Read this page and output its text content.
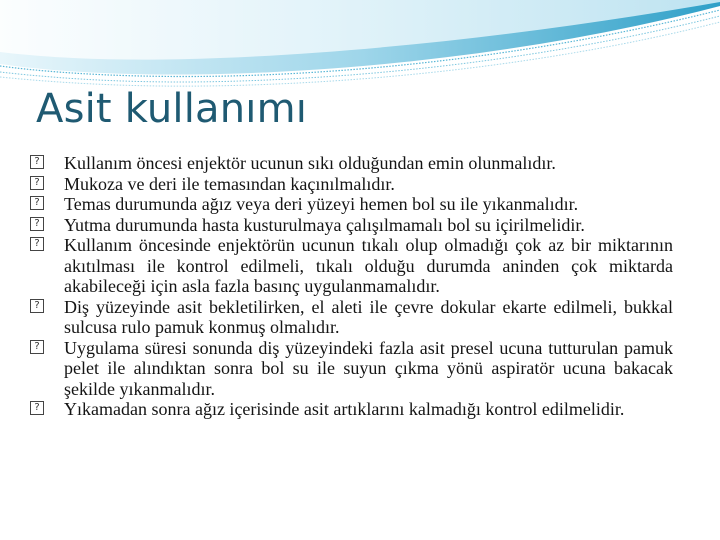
Asit kullanımı
? Kullanım öncesi enjektör ucunun sıkı olduğundan emin olunmalıdır.
? Mukoza ve deri ile temasından kaçınılmalıdır.
? Temas durumunda ağız veya deri yüzeyi hemen bol su ile yıkanmalıdır.
? Yutma durumunda hasta kusturulmaya çalışılmamalı bol su içirilmelidir.
? Kullanım öncesinde enjektörün ucunun tıkalı olup olmadığı çok az bir miktarının akıtılması ile kontrol edilmeli, tıkalı olduğu durumda aninden çok miktarda akabileceği için asla fazla basınç uygulanmamalıdır.
? Diş yüzeyinde asit bekletilirken, el aleti ile çevre dokular ekarte edilmeli, bukkal sulcusa rulo pamuk konmuş olmalıdır.
? Uygulama süresi sonunda diş yüzeyindeki fazla asit presel ucuna tutturulan pamuk pelet ile alındıktan sonra bol su ile suyun çıkma yönü aspiratör ucuna bakacak şekilde yıkanmalıdır.
? Yıkamadan sonra ağız içerisinde asit artıklarını kalmadığı kontrol edilmelidir.
